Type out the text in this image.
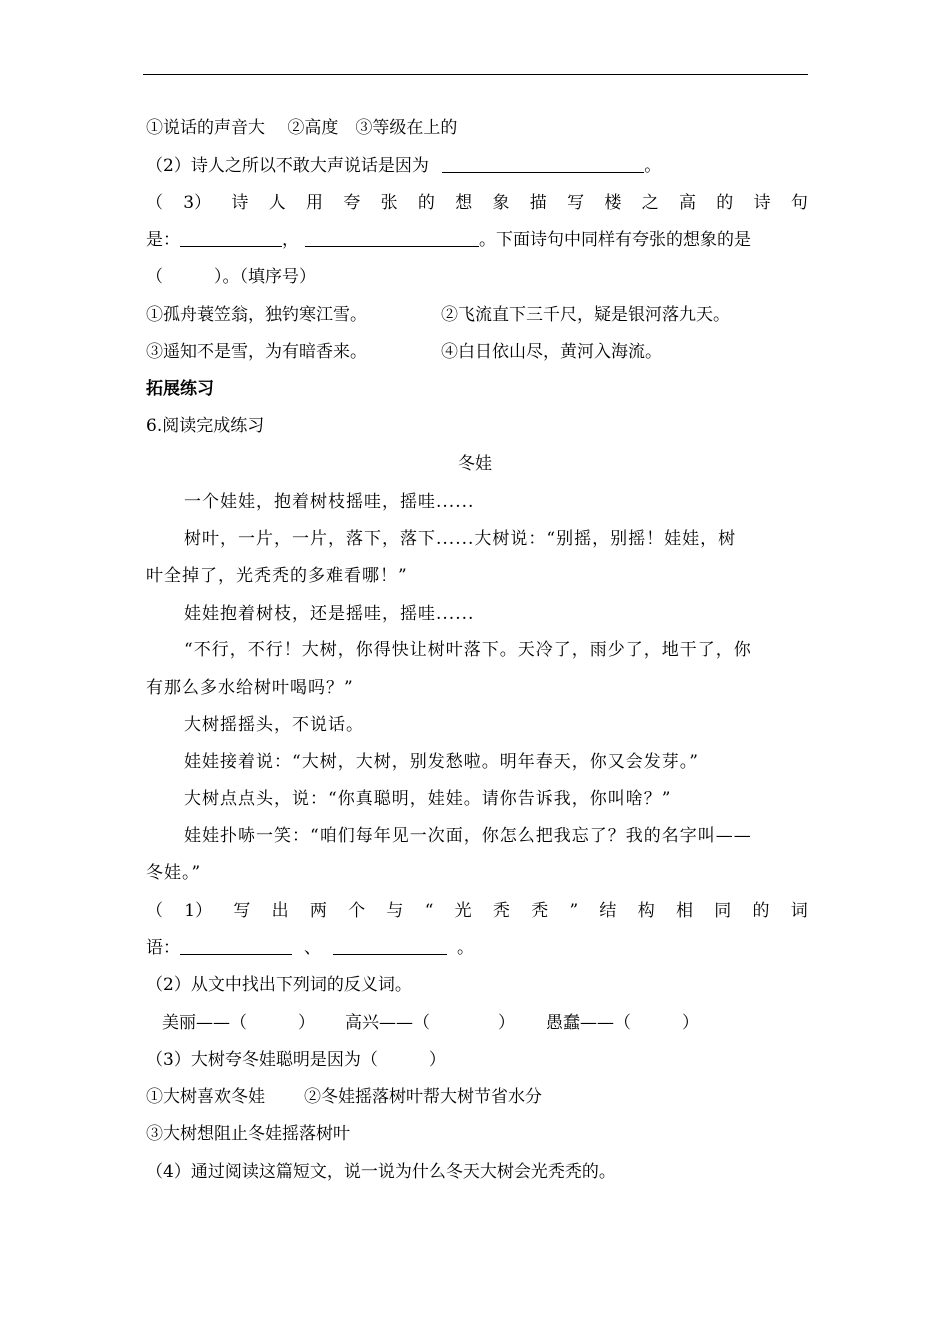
①说话的声音大　 ②高度　③等级在上的
（2）诗人之所以不敢大声说话是因为	。
（ 3） 诗 人 用 夸 张 的 想 象 描 写 楼 之 高 的 诗 句
是：	，	。下面诗句中同样有夸张的想象的是
（　　　）。（填序号）
①孤舟蓑笠翁，独钓寒江雪。	②飞流直下三千尺，疑是银河落九天。
③遥知不是雪，为有暗香来。	④白日依山尽，黄河入海流。
拓展练习
6.阅读完成练习
冬娃
一个娃娃，抱着树枝摇哇，摇哇......
树叶，一片，一片，落下，落下......大树说：“别摇，别摇！娃娃，树
叶全掉了，光秃秃的多难看哪！”
娃娃抱着树枝，还是摇哇，摇哇......
“不行，不行！大树，你得快让树叶落下。天冷了，雨少了，地干了，你
有那么多水给树叶喝吗？”
大树摇摇头，不说话。
娃娃接着说：“大树，大树，别发愁啦。明年春天，你又会发芽。”
大树点点头，说：“你真聪明，娃娃。请你告诉我，你叫啥？”
娃娃扑哧一笑：“咱们每年见一次面，你怎么把我忘了？我的名字叫——
冬娃。”
（ 1） 写 出 两 个 与 “ 光 秃 秃 ” 结 构 相 同 的 词
语：	、	。
（2）从文中找出下列词的反义词。
美丽——（　　　） 高兴——（　　　　） 愚蠢——（　　　）
（3）大树夸冬娃聪明是因为（　　　）
①大树喜欢冬娃 ②冬娃摇落树叶帮大树节省水分
③大树想阻止冬娃摇落树叶
（4）通过阅读这篇短文，说一说为什么冬天大树会光秃秃的。
